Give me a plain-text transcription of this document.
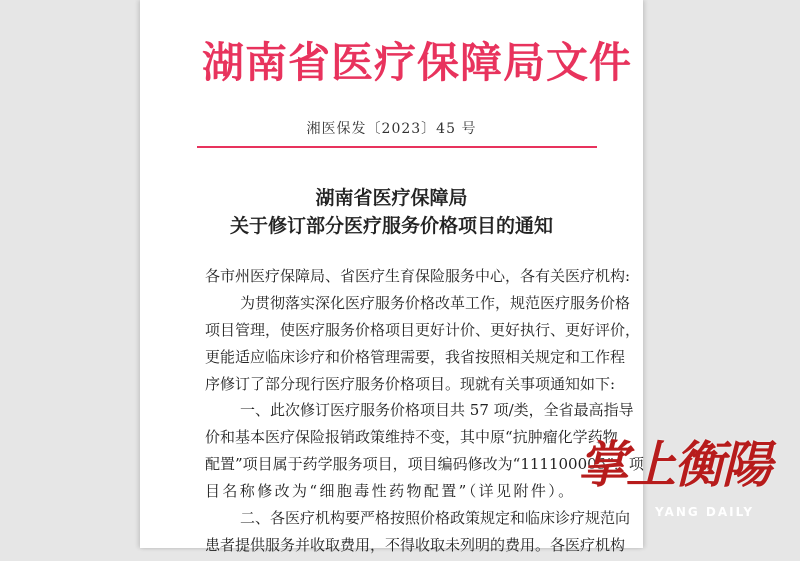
湖南省医疗保障局文件
湘医保发〔2023〕45 号
湖南省医疗保障局
关于修订部分医疗服务价格项目的通知
各市州医疗保障局、省医疗生育保险服务中心，各有关医疗机构:
为贯彻落实深化医疗服务价格改革工作，规范医疗服务价格
项目管理，使医疗服务价格项目更好计价、更好执行、更好评价，
更能适应临床诊疗和价格管理需要，我省按照相关规定和工作程
序修订了部分现行医疗服务价格项目。现就有关事项通知如下:
一、此次修订医疗服务价格项目共 57 项/类，全省最高指导
价和基本医疗保险报销政策维持不变，其中原“抗肿瘤化学药物
配置”项目属于药学服务项目，项目编码修改为“111100005”，项
目名称修改为“细胞毒性药物配置”（详见附件）。
二、各医疗机构要严格按照价格政策规定和临床诊疗规范向
患者提供服务并收取费用，不得收取未列明的费用。各医疗机构
掌上衡陽
YANG DAILY
